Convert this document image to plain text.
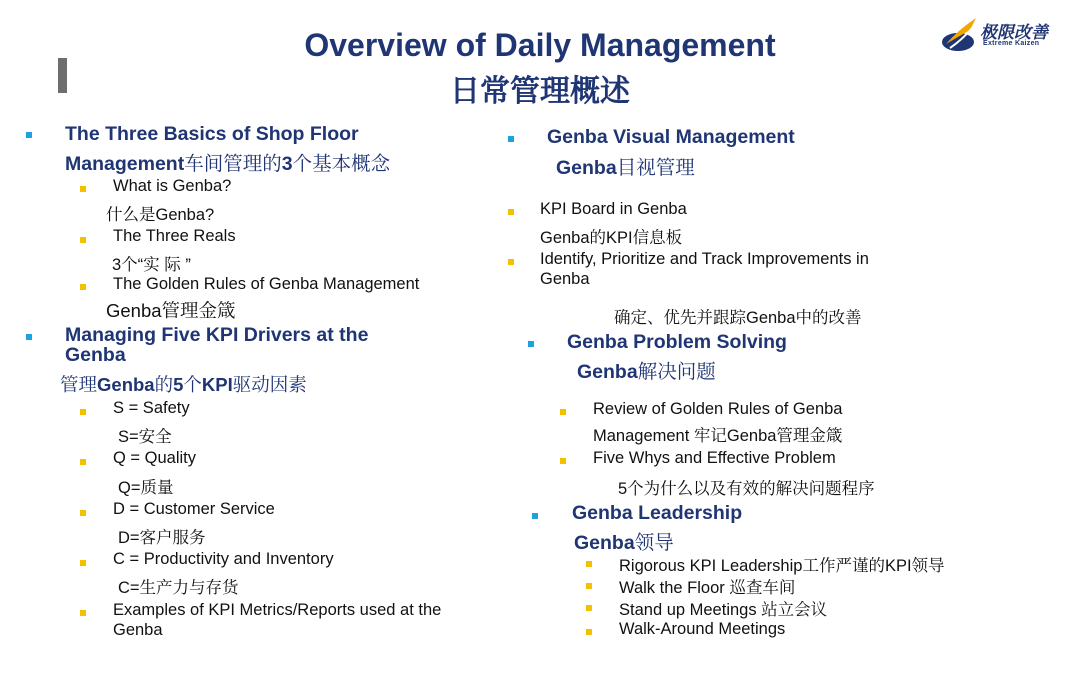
Overview of Daily Management
日常管理概述
极限改善
Extreme Kaizen
The Three Basics of Shop Floor
Management车间管理的3个基本概念
What is Genba?
什么是Genba?
The Three Reals
3个“实 际 ”
The Golden Rules of Genba Management
Genba管理金箴
Managing Five KPI Drivers at the
Genba
管理Genba的5个KPI驱动因素
S = Safety
S=安全
Q = Quality
Q=质量
D = Customer Service
D=客户服务
C = Productivity and Inventory
C=生产力与存货
Examples of KPI Metrics/Reports used at the
Genba
Genba Visual Management
Genba目视管理
KPI Board in Genba
Genba的KPI信息板
Identify, Prioritize and Track Improvements in
Genba
确定、优先并跟踪Genba中的改善
Genba Problem Solving
Genba解决问题
Review of Golden Rules of Genba
Management 牢记Genba管理金箴
Five Whys and Effective Problem
5个为什么以及有效的解决问题程序
Genba Leadership
Genba领导
Rigorous KPI Leadership工作严谨的KPI领导
Walk the Floor 巡查车间
Stand up Meetings 站立会议
Walk-Around Meetings
